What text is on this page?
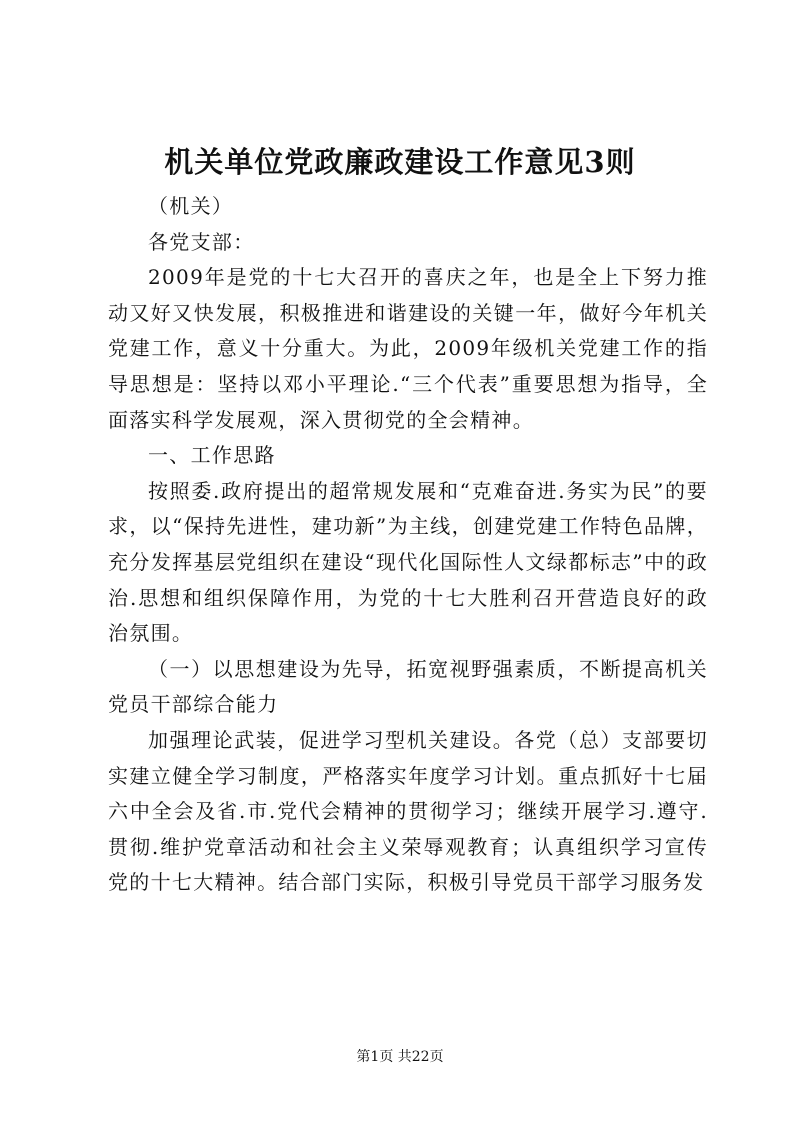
机关单位党政廉政建设工作意见3则

（机关）

各党支部：

2009年是党的十七大召开的喜庆之年，也是全上下努力推动又好又快发展，积极推进和谐建设的关键一年，做好今年机关党建工作，意义十分重大。为此，2009年级机关党建工作的指导思想是：坚持以邓小平理论.“三个代表”重要思想为指导，全面落实科学发展观，深入贯彻党的全会精神。

一、工作思路

按照委.政府提出的超常规发展和“克难奋进.务实为民”的要求，以“保持先进性，建功新”为主线，创建党建工作特色品牌，充分发挥基层党组织在建设“现代化国际性人文绿都标志”中的政治.思想和组织保障作用，为党的十七大胜利召开营造良好的政治氛围。

（一）以思想建设为先导，拓宽视野强素质，不断提高机关党员干部综合能力

加强理论武装，促进学习型机关建设。各党（总）支部要切实建立健全学习制度，严格落实年度学习计划。重点抓好十七届六中全会及省.市.党代会精神的贯彻学习；继续开展学习.遵守.贯彻.维护党章活动和社会主义荣辱观教育；认真组织学习宣传党的十七大精神。结合部门实际，积极引导党员干部学习服务发

第1页 共22页
